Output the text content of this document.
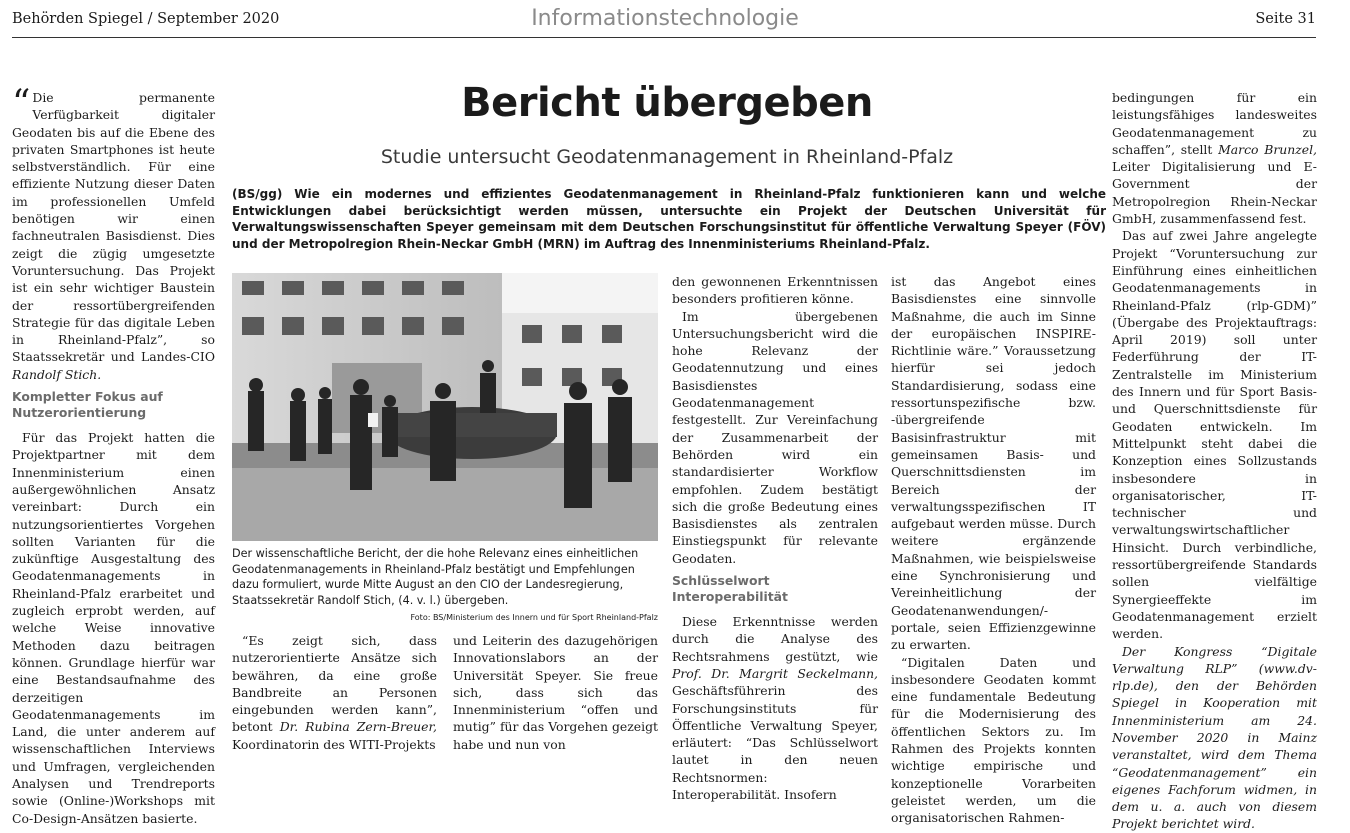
Behörden Spiegel / September 2020	Informationstechnologie	Seite 31
Bericht übergeben
Studie untersucht Geodatenmanagement in Rheinland-Pfalz
(BS/gg) Wie ein modernes und effizientes Geodatenmanagement in Rheinland-Pfalz funktionieren kann und welche Entwicklungen dabei berücksichtigt werden müssen, untersuchte ein Projekt der Deutschen Universität für Verwaltungswissenschaften Speyer gemeinsam mit dem Deutschen Forschungsinstitut für öffentliche Verwaltung Speyer (FÖV) und der Metropolregion Rhein-Neckar GmbH (MRN) im Auftrag des Innenministeriums Rheinland-Pfalz.

“ Die permanente Verfügbarkeit digitaler Geodaten bis auf die Ebene des privaten Smartphones ist heute selbstverständlich. Für eine effiziente Nutzung dieser Daten im professionellen Umfeld benötigen wir einen fachneutralen Basisdienst. Dies zeigt die zügig umgesetzte Voruntersuchung. Das Projekt ist ein sehr wichtiger Baustein der ressortübergreifenden Strategie für das digitale Leben in Rheinland-Pfalz”, so Staatssekretär und Landes-CIO Randolf Stich.

Kompletter Fokus auf Nutzerorientierung

Für das Projekt hatten die Projektpartner mit dem Innenministerium einen außergewöhnlichen Ansatz vereinbart: Durch ein nutzungsorientiertes Vorgehen sollten Varianten für die zukünftige Ausgestaltung des Geodatenmanagements in Rheinland-Pfalz erarbeitet und zugleich erprobt werden, auf welche Weise innovative Methoden dazu beitragen können. Grundlage hierfür war eine Bestandsaufnahme des derzeitigen Geodatenmanagements im Land, die unter anderem auf wissenschaftlichen Interviews und Umfragen, vergleichenden Analysen und Trendreports sowie (Online-)Workshops mit Co-Design-Ansätzen basierte.

Der wissenschaftliche Bericht, der die hohe Relevanz eines einheitlichen Geodatenmanagements in Rheinland-Pfalz bestätigt und Empfehlungen dazu formuliert, wurde Mitte August an den CIO der Landesregierung, Staatssekretär Randolf Stich, (4. v. l.) übergeben.
Foto: BS/Ministerium des Innern und für Sport Rheinland-Pfalz

“Es zeigt sich, dass nutzerorientierte Ansätze sich bewähren, da eine große Bandbreite an Personen eingebunden werden kann”, betont Dr. Rubina Zern-Breuer, Koordinatorin des WITI-Projekts

und Leiterin des dazugehörigen Innovationslabors an der Universität Speyer. Sie freue sich, dass sich das Innenministerium “offen und mutig” für das Vorgehen gezeigt habe und nun von

den gewonnenen Erkenntnissen besonders profitieren könne.

Im übergebenen Untersuchungsbericht wird die hohe Relevanz der Geodatennutzung und eines Basisdienstes Geodatenmanagement festgestellt. Zur Vereinfachung der Zusammenarbeit der Behörden wird ein standardisierter Workflow empfohlen. Zudem bestätigt sich die große Bedeutung eines Basisdienstes als zentralen Einstiegspunkt für relevante Geodaten.

Schlüsselwort Interoperabilität

Diese Erkenntnisse werden durch die Analyse des Rechtsrahmens gestützt, wie Prof. Dr. Margrit Seckelmann, Geschäftsführerin des Forschungsinstituts für Öffentliche Verwaltung Speyer, erläutert: “Das Schlüsselwort lautet in den neuen Rechtsnormen: Interoperabilität. Insofern

ist das Angebot eines Basisdienstes eine sinnvolle Maßnahme, die auch im Sinne der europäischen INSPIRE-Richtlinie wäre.” Voraussetzung hierfür sei jedoch Standardisierung, sodass eine ressortunspezifische bzw. -übergreifende Basisinfrastruktur mit gemeinsamen Basis- und Querschnittsdiensten im Bereich der verwaltungsspezifischen IT aufgebaut werden müsse. Durch weitere ergänzende Maßnahmen, wie beispielsweise eine Synchronisierung und Vereinheitlichung der Geodatenanwendungen/-portale, seien Effizienzgewinne zu erwarten.

“Digitalen Daten und insbesondere Geodaten kommt eine fundamentale Bedeutung für die Modernisierung des öffentlichen Sektors zu. Im Rahmen des Projekts konnten wichtige empirische und konzeptionelle Vorarbeiten geleistet werden, um die organisatorischen Rahmen-

bedingungen für ein leistungsfähiges landesweites Geodatenmanagement zu schaffen”, stellt Marco Brunzel, Leiter Digitalisierung und E-Government der Metropolregion Rhein-Neckar GmbH, zusammenfassend fest.

Das auf zwei Jahre angelegte Projekt “Voruntersuchung zur Einführung eines einheitlichen Geodatenmanagements in Rheinland-Pfalz (rlp-GDM)” (Übergabe des Projektauftrags: April 2019) soll unter Federführung der IT-Zentralstelle im Ministerium des Innern und für Sport Basis- und Querschnittsdienste für Geodaten entwickeln. Im Mittelpunkt steht dabei die Konzeption eines Sollzustands insbesondere in organisatorischer, IT-technischer und verwaltungswirtschaftlicher Hinsicht. Durch verbindliche, ressortübergreifende Standards sollen vielfältige Synergieeffekte im Geodatenmanagement erzielt werden.

Der Kongress “Digitale Verwaltung RLP” (www.dv-rlp.de), den der Behörden Spiegel in Kooperation mit Innenministerium am 24. November 2020 in Mainz veranstaltet, wird dem Thema “Geodatenmanagement” ein eigenes Fachforum widmen, in dem u. a. auch von diesem Projekt berichtet wird.
